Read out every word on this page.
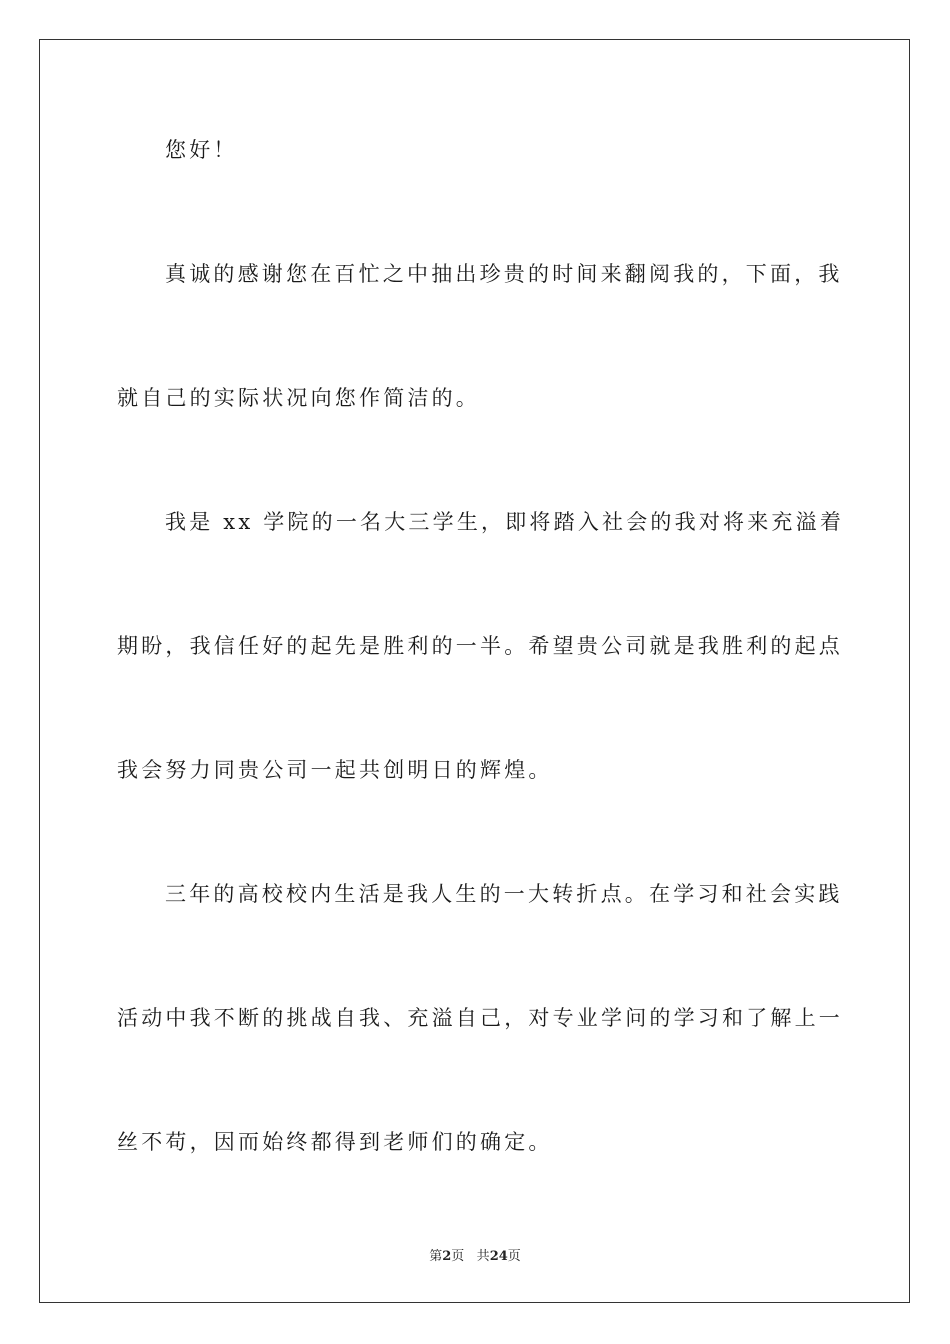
您好！
真诚的感谢您在百忙之中抽出珍贵的时间来翻阅我的，下面，我
就自己的实际状况向您作简洁的。
我是 xx 学院的一名大三学生，即将踏入社会的我对将来充溢着
期盼，我信任好的起先是胜利的一半。希望贵公司就是我胜利的起点
我会努力同贵公司一起共创明日的辉煌。
三年的高校校内生活是我人生的一大转折点。在学习和社会实践
活动中我不断的挑战自我、充溢自己，对专业学问的学习和了解上一
丝不苟，因而始终都得到老师们的确定。
第2页 共24页
